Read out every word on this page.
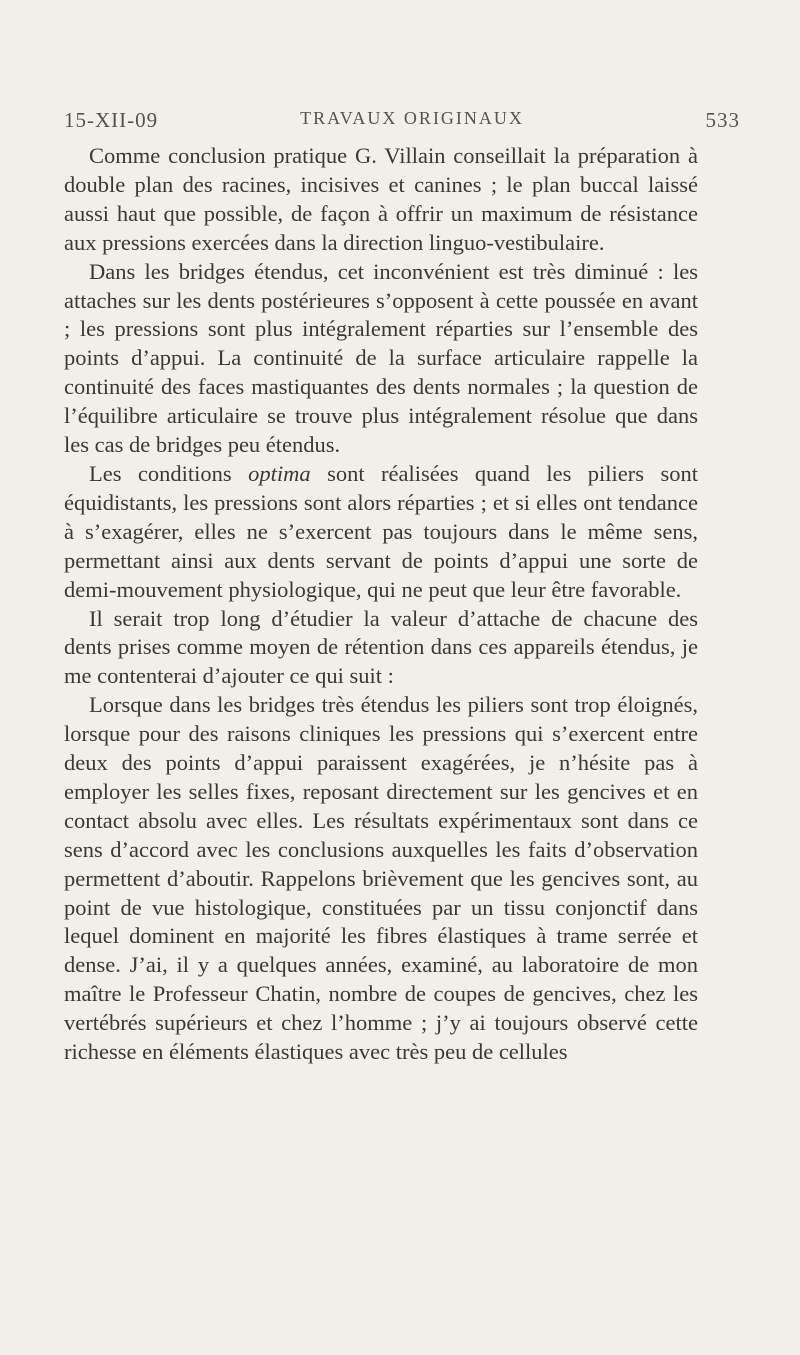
15-XII-09	TRAVAUX ORIGINAUX	533

Comme conclusion pratique G. Villain conseillait la préparation à double plan des racines, incisives et canines ; le plan buccal laissé aussi haut que possible, de façon à offrir un maximum de résistance aux pressions exercées dans la direction linguo-vestibulaire.

Dans les bridges étendus, cet inconvénient est très diminué : les attaches sur les dents postérieures s’opposent à cette poussée en avant ; les pressions sont plus intégralement réparties sur l’ensemble des points d’appui. La continuité de la surface articulaire rappelle la continuité des faces mastiquantes des dents normales ; la question de l’équilibre articulaire se trouve plus intégralement résolue que dans les cas de bridges peu étendus.

Les conditions optima sont réalisées quand les piliers sont équidistants, les pressions sont alors réparties ; et si elles ont tendance à s’exagérer, elles ne s’exercent pas toujours dans le même sens, permettant ainsi aux dents servant de points d’appui une sorte de demi-mouvement physiologique, qui ne peut que leur être favorable.

Il serait trop long d’étudier la valeur d’attache de chacune des dents prises comme moyen de rétention dans ces appareils étendus, je me contenterai d’ajouter ce qui suit :

Lorsque dans les bridges très étendus les piliers sont trop éloignés, lorsque pour des raisons cliniques les pressions qui s’exercent entre deux des points d’appui paraissent exagérées, je n’hésite pas à employer les selles fixes, reposant directement sur les gencives et en contact absolu avec elles. Les résultats expérimentaux sont dans ce sens d’accord avec les conclusions auxquelles les faits d’observation permettent d’aboutir. Rappelons brièvement que les gencives sont, au point de vue histologique, constituées par un tissu conjonctif dans lequel dominent en majorité les fibres élastiques à trame serrée et dense. J’ai, il y a quelques années, examiné, au laboratoire de mon maître le Professeur Chatin, nombre de coupes de gencives, chez les vertébrés supérieurs et chez l’homme ; j’y ai toujours observé cette richesse en éléments élastiques avec très peu de cellules
